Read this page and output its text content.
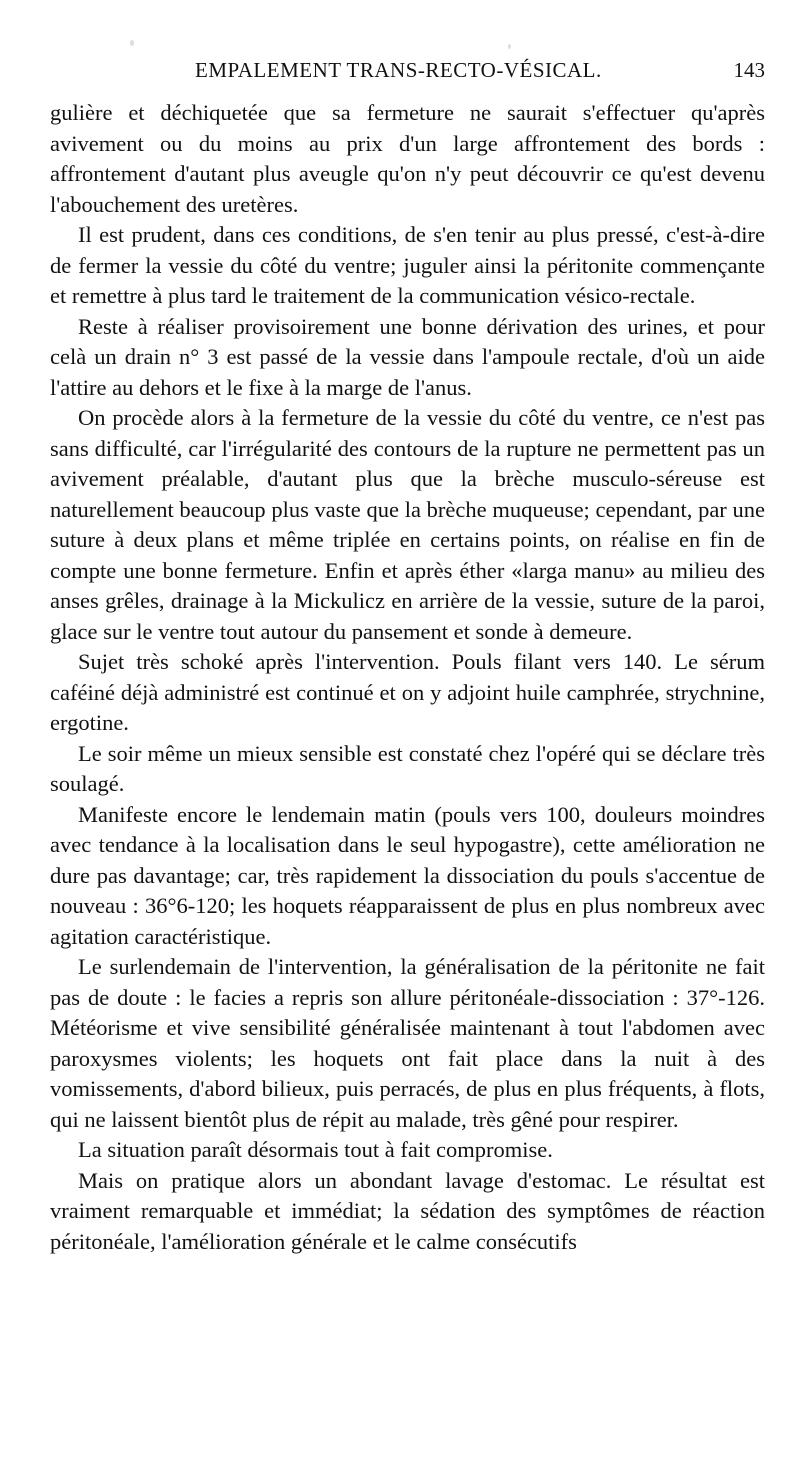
EMPALEMENT TRANS-RECTO-VÉSICAL.	143

gulière et déchiquetée que sa fermeture ne saurait s'effectuer qu'après avivement ou du moins au prix d'un large affrontement des bords : affrontement d'autant plus aveugle qu'on n'y peut découvrir ce qu'est devenu l'abouchement des uretères.

Il est prudent, dans ces conditions, de s'en tenir au plus pressé, c'est-à-dire de fermer la vessie du côté du ventre; juguler ainsi la péritonite commençante et remettre à plus tard le traitement de la communication vésico-rectale.

Reste à réaliser provisoirement une bonne dérivation des urines, et pour celà un drain n° 3 est passé de la vessie dans l'ampoule rectale, d'où un aide l'attire au dehors et le fixe à la marge de l'anus.

On procède alors à la fermeture de la vessie du côté du ventre, ce n'est pas sans difficulté, car l'irrégularité des contours de la rupture ne permettent pas un avivement préalable, d'autant plus que la brèche musculo-séreuse est naturellement beaucoup plus vaste que la brèche muqueuse; cependant, par une suture à deux plans et même triplée en certains points, on réalise en fin de compte une bonne fermeture. Enfin et après éther «larga manu» au milieu des anses grêles, drainage à la Mickulicz en arrière de la vessie, suture de la paroi, glace sur le ventre tout autour du pansement et sonde à demeure.

Sujet très schoké après l'intervention. Pouls filant vers 140. Le sérum caféiné déjà administré est continué et on y adjoint huile camphrée, strychnine, ergotine.

Le soir même un mieux sensible est constaté chez l'opéré qui se déclare très soulagé.

Manifeste encore le lendemain matin (pouls vers 100, douleurs moindres avec tendance à la localisation dans le seul hypogastre), cette amélioration ne dure pas davantage; car, très rapidement la dissociation du pouls s'accentue de nouveau : 36°6-120; les hoquets réapparaissent de plus en plus nombreux avec agitation caractéristique.

Le surlendemain de l'intervention, la généralisation de la péritonite ne fait pas de doute : le facies a repris son allure péritonéale-dissociation : 37°-126. Météorisme et vive sensibilité généralisée maintenant à tout l'abdomen avec paroxysmes violents; les hoquets ont fait place dans la nuit à des vomissements, d'abord bilieux, puis perracés, de plus en plus fréquents, à flots, qui ne laissent bientôt plus de répit au malade, très gêné pour respirer.

La situation paraît désormais tout à fait compromise.

Mais on pratique alors un abondant lavage d'estomac. Le résultat est vraiment remarquable et immédiat; la sédation des symptômes de réaction péritonéale, l'amélioration générale et le calme consécutifs
